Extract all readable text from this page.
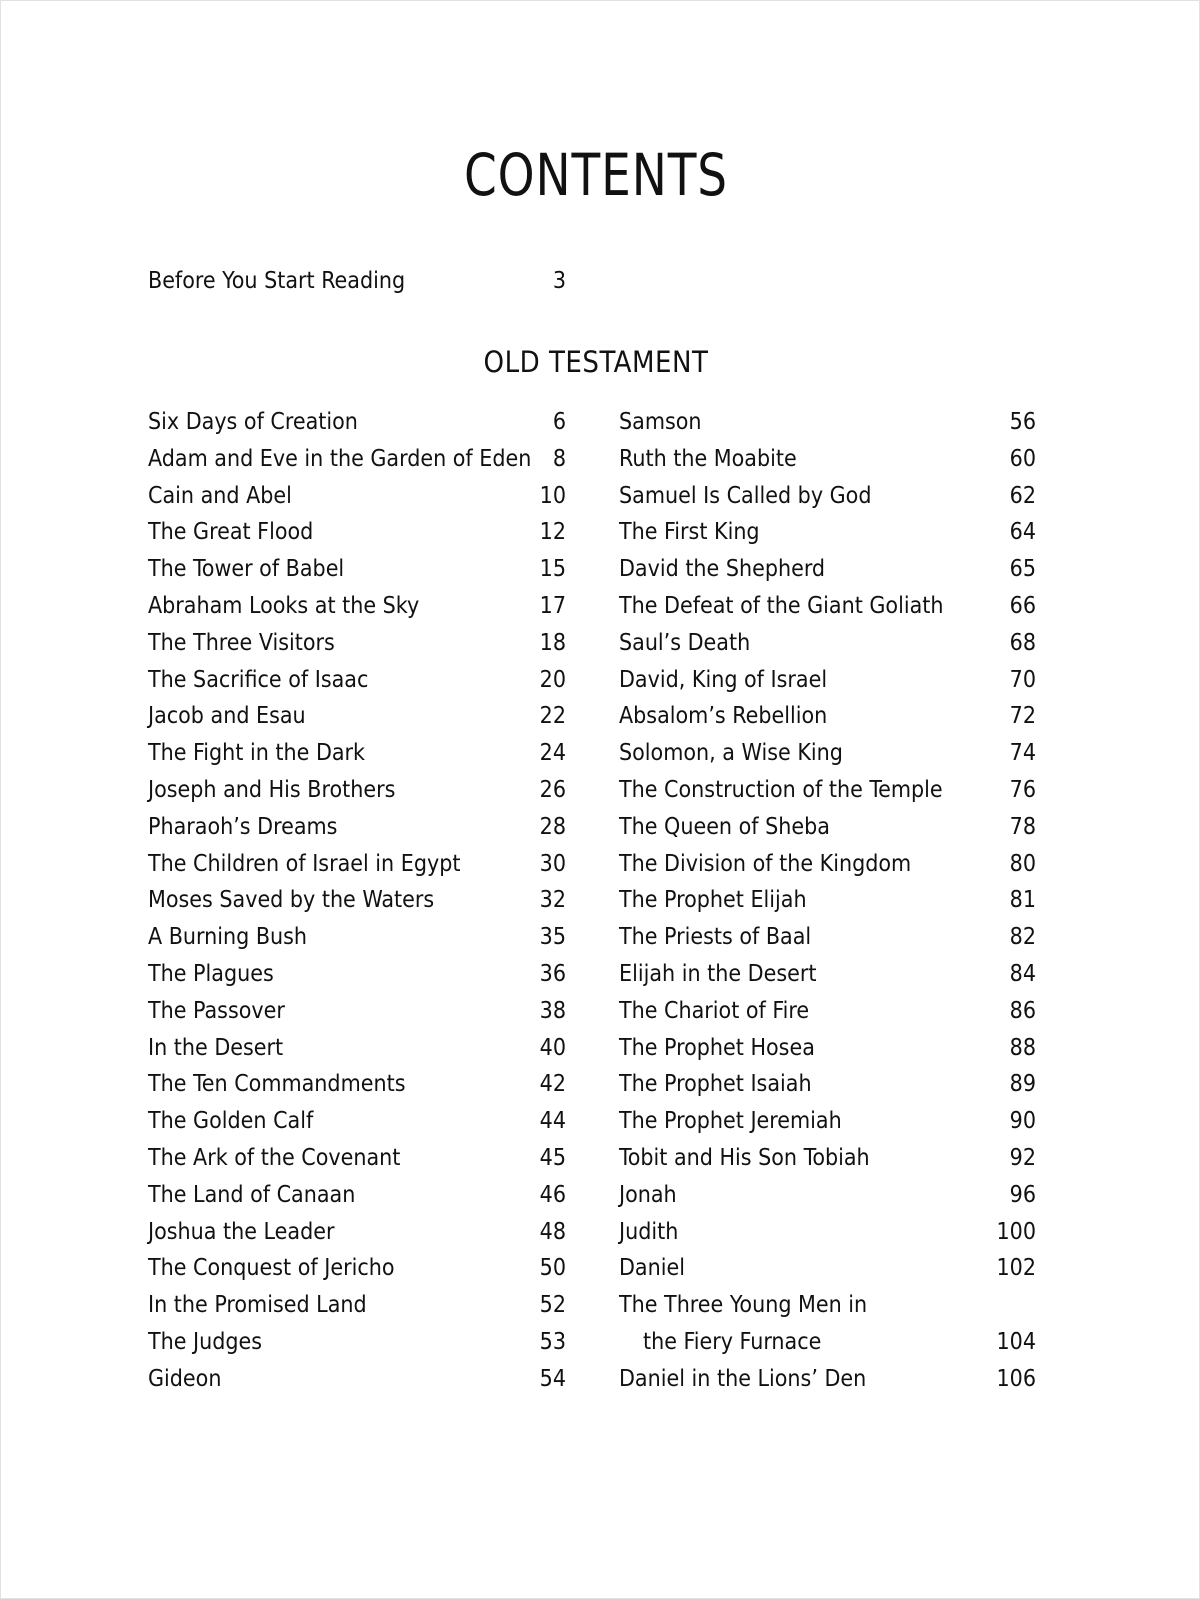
CONTENTS
Before You Start Reading	3
OLD TESTAMENT
Six Days of Creation	6
Adam and Eve in the Garden of Eden 8
Cain and Abel	10
The Great Flood	12
The Tower of Babel	15
Abraham Looks at the Sky	17
The Three Visitors	18
The Sacrifice of Isaac	20
Jacob and Esau	22
The Fight in the Dark	24
Joseph and His Brothers	26
Pharaoh’s Dreams	28
The Children of Israel in Egypt	30
Moses Saved by the Waters	32
A Burning Bush	35
The Plagues	36
The Passover	38
In the Desert	40
The Ten Commandments	42
The Golden Calf	44
The Ark of the Covenant	45
The Land of Canaan	46
Joshua the Leader	48
The Conquest of Jericho	50
In the Promised Land	52
The Judges	53
Gideon	54
Samson	56
Ruth the Moabite	60
Samuel Is Called by God	62
The First King	64
David the Shepherd	65
The Defeat of the Giant Goliath	66
Saul’s Death	68
David, King of Israel	70
Absalom’s Rebellion	72
Solomon, a Wise King	74
The Construction of the Temple	76
The Queen of Sheba	78
The Division of the Kingdom	80
The Prophet Elijah	81
The Priests of Baal	82
Elijah in the Desert	84
The Chariot of Fire	86
The Prophet Hosea	88
The Prophet Isaiah	89
The Prophet Jeremiah	90
Tobit and His Son Tobiah	92
Jonah	96
Judith	100
Daniel	102
The Three Young Men in
the Fiery Furnace	104
Daniel in the Lions’ Den	106
